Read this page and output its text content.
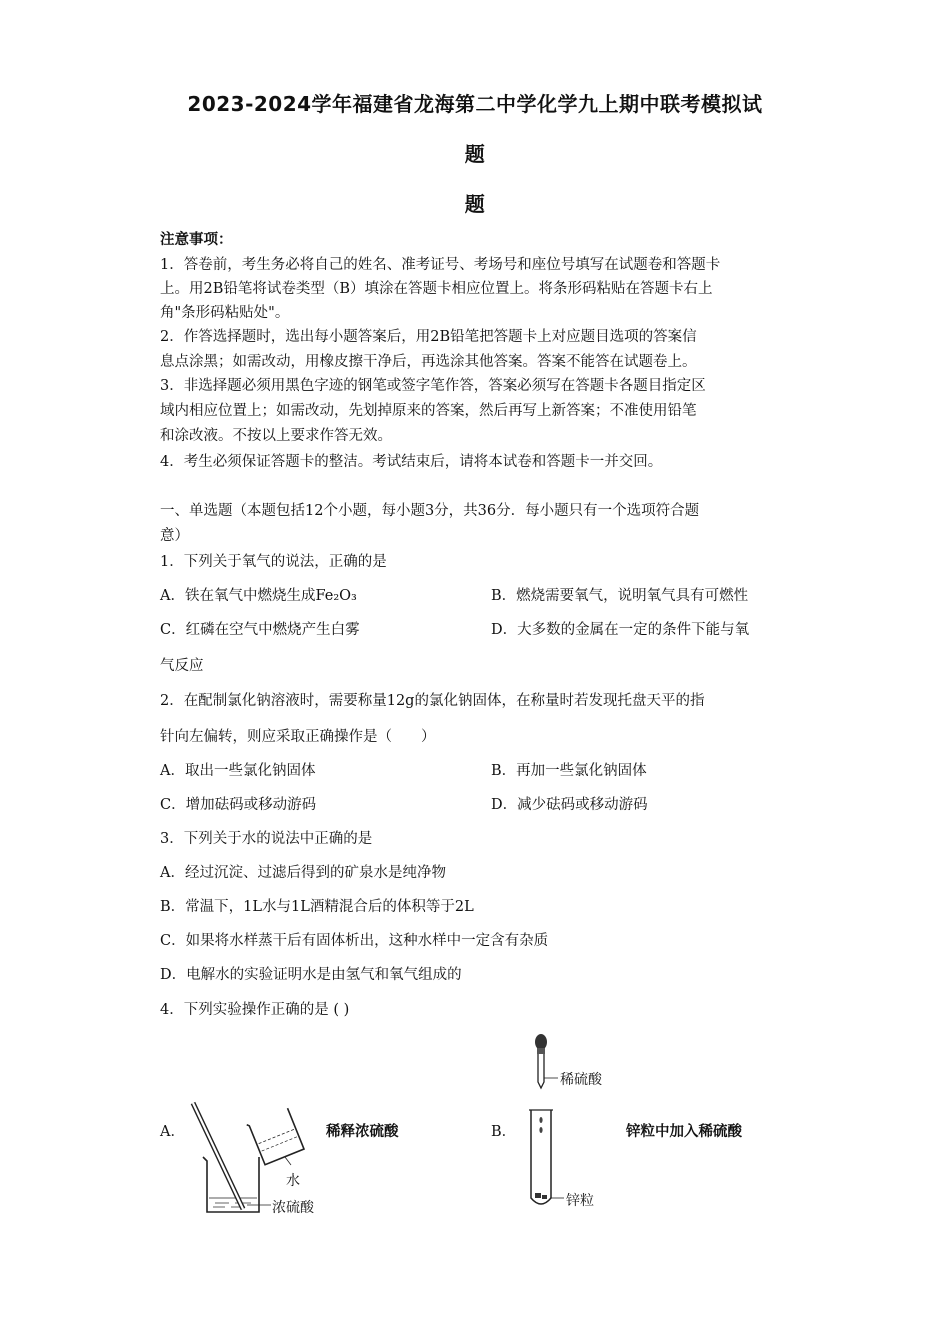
2023-2024学年福建省龙海第二中学化学九上期中联考模拟试
题
题
注意事项：
1．答卷前，考生务必将自己的姓名、准考证号、考场号和座位号填写在试题卷和答题卡
上。用2B铅笔将试卷类型（B）填涂在答题卡相应位置上。将条形码粘贴在答题卡右上
角"条形码粘贴处"。
2．作答选择题时，选出每小题答案后，用2B铅笔把答题卡上对应题目选项的答案信
息点涂黑；如需改动，用橡皮擦干净后，再选涂其他答案。答案不能答在试题卷上。
3．非选择题必须用黑色字迹的钢笔或签字笔作答，答案必须写在答题卡各题目指定区
域内相应位置上；如需改动，先划掉原来的答案，然后再写上新答案；不准使用铅笔
和涂改液。不按以上要求作答无效。
4．考生必须保证答题卡的整洁。考试结束后，请将本试卷和答题卡一并交回。
一、单选题（本题包括12个小题，每小题3分，共36分．每小题只有一个选项符合题
意）
1．下列关于氧气的说法，正确的是
A．铁在氧气中燃烧生成Fe₂O₃	B．燃烧需要氧气，说明氧气具有可燃性
C．红磷在空气中燃烧产生白雾	D．大多数的金属在一定的条件下能与氧
气反应
2．在配制氯化钠溶液时，需要称量12g的氯化钠固体，在称量时若发现托盘天平的指
针向左偏转，则应采取正确操作是（　　）
A．取出一些氯化钠固体	B．再加一些氯化钠固体
C．增加砝码或移动游码	D．减少砝码或移动游码
3．下列关于水的说法中正确的是
A．经过沉淀、过滤后得到的矿泉水是纯净物
B．常温下，1L水与1L酒精混合后的体积等于2L
C．如果将水样蒸干后有固体析出，这种水样中一定含有杂质
D．电解水的实验证明水是由氢气和氧气组成的
4．下列实验操作正确的是 ( )
A．	稀释浓硫酸
水
浓硫酸
B．	锌粒中加入稀硫酸
稀硫酸
锌粒
